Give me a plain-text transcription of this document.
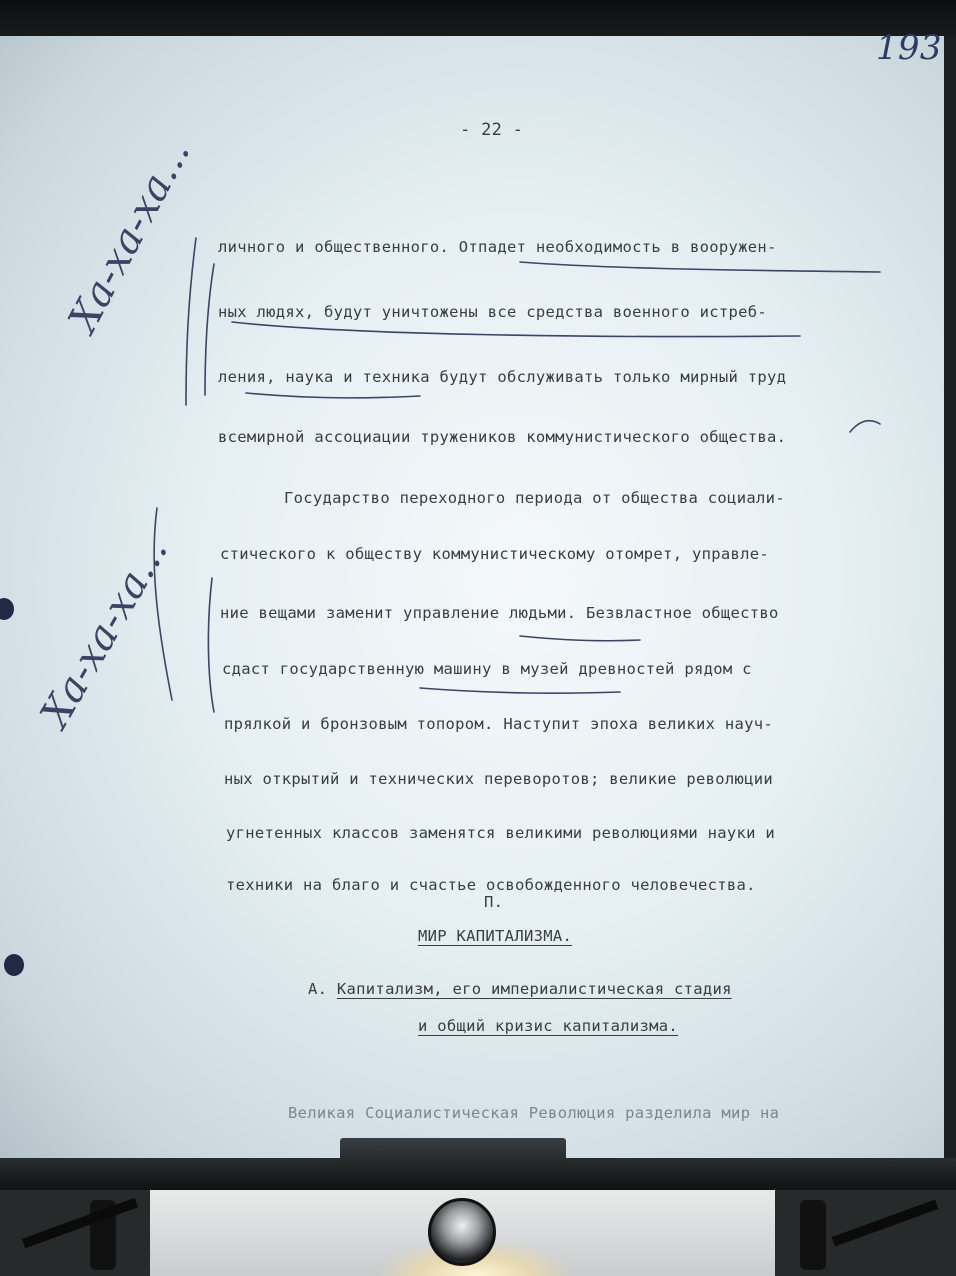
193
- 22 -

личного и общественного. Отпадет необходимость в вооружен-

ных людях, будут уничтожены все средства военного истреб-

ления, наука и техника будут обслуживать только мирный труд

всемирной ассоциации тружеников коммунистического общества.

Государство переходного периода от общества социали-

стического к обществу коммунистическому отомрет, управле-

ние вещами заменит управление людьми. Безвластное общество

сдаст государственную машину в музей древностей рядом с

прялкой и бронзовым топором. Наступит эпоха великих науч-

ных открытий и технических переворотов; великие революции

угнетенных классов заменятся великими революциями науки и

техники на благо и счастье освобожденного человечества.

П.
МИР КАПИТАЛИЗМА.
А. Капитализм, его империалистическая стадия
и общий кризис капитализма.

Великая Социалистическая Революция разделила мир на

Ха-ха-ха...
Ха-ха-ха...
